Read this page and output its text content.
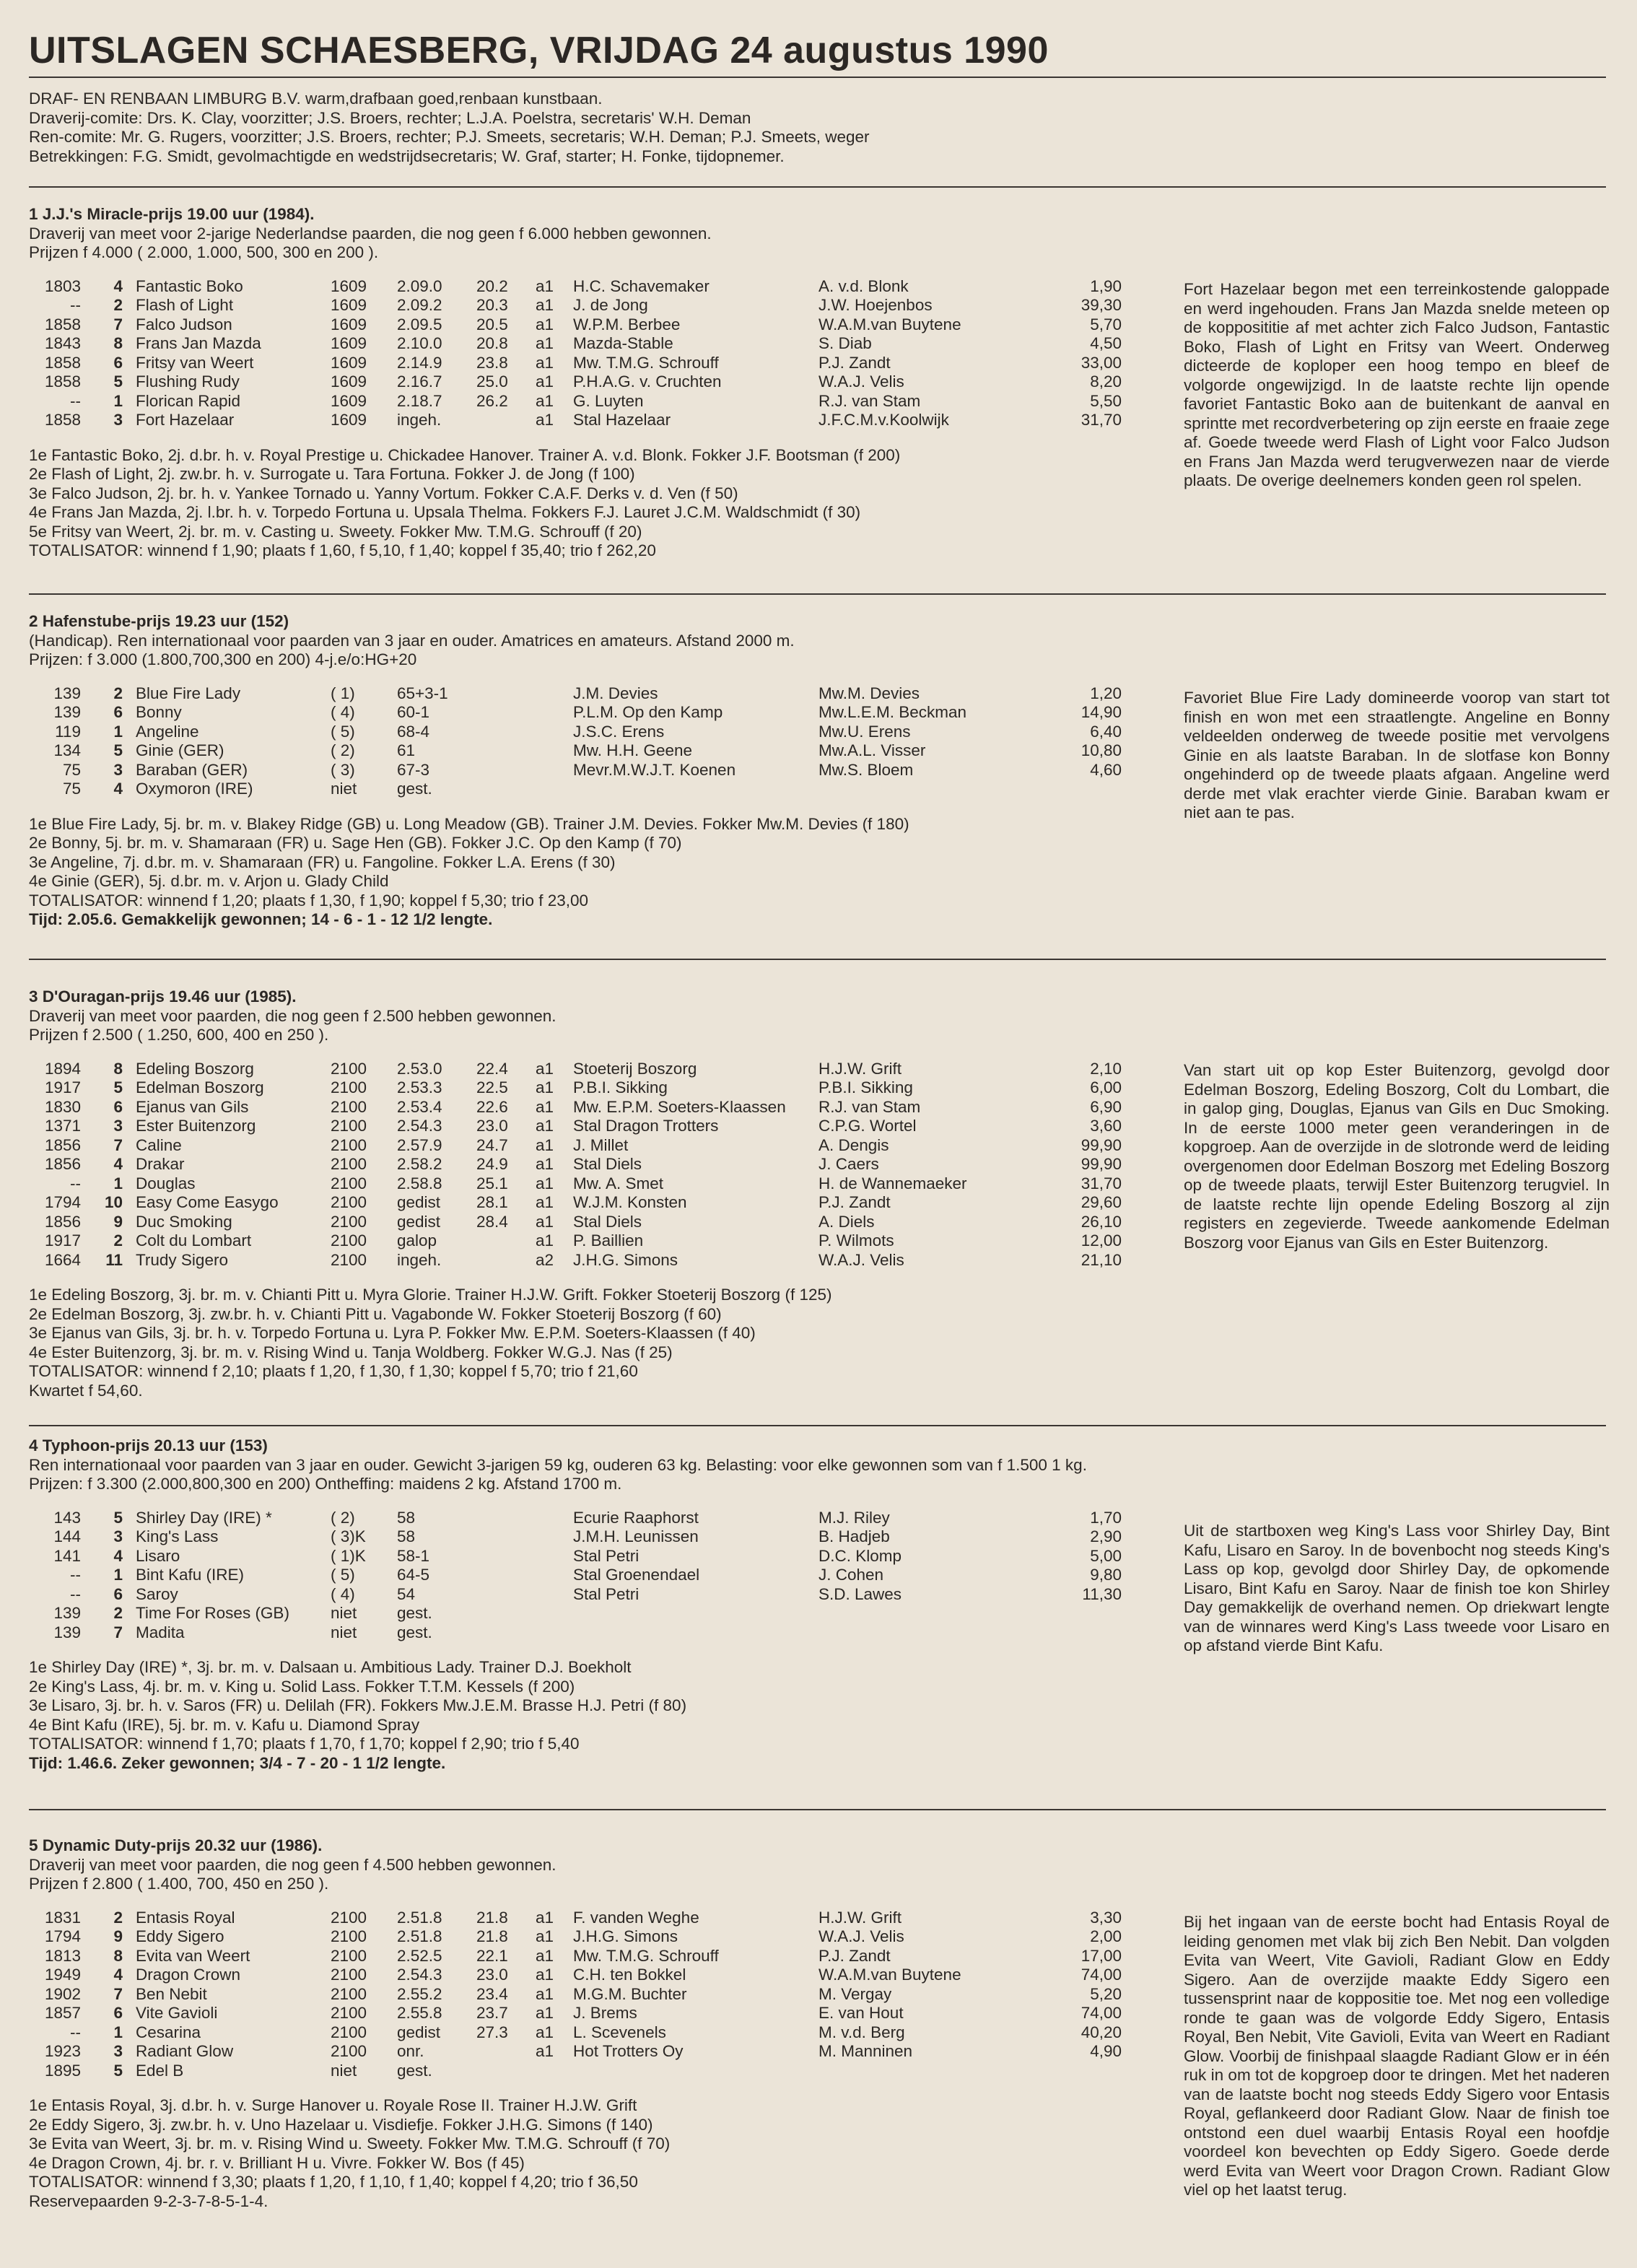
UITSLAGEN SCHAESBERG, VRIJDAG 24 augustus 1990
DRAF- EN RENBAAN LIMBURG B.V. warm,drafbaan goed,renbaan kunstbaan.
Draverij-comite: Drs. K. Clay, voorzitter; J.S. Broers, rechter; L.J.A. Poelstra, secretaris' W.H. Deman
Ren-comite: Mr. G. Rugers, voorzitter; J.S. Broers, rechter; P.J. Smeets, secretaris; W.H. Deman; P.J. Smeets, weger
Betrekkingen: F.G. Smidt, gevolmachtigde en wedstrijdsecretaris; W. Graf, starter; H. Fonke, tijdopnemer.
1 J.J.'s Miracle-prijs 19.00 uur (1984).
Draverij van meet voor 2-jarige Nederlandse paarden, die nog geen f 6.000 hebben gewonnen.
Prijzen f 4.000 ( 2.000, 1.000, 500, 300 en 200 ).
1803	4	Fantastic Boko	1609	2.09.0	20.2	a1	H.C. Schavemaker	A. v.d. Blonk	1,90
--	2	Flash of Light	1609	2.09.2	20.3	a1	J. de Jong	J.W. Hoejenbos	39,30
1858	7	Falco Judson	1609	2.09.5	20.5	a1	W.P.M. Berbee	W.A.M.van Buytene	5,70
1843	8	Frans Jan Mazda	1609	2.10.0	20.8	a1	Mazda-Stable	S. Diab	4,50
1858	6	Fritsy van Weert	1609	2.14.9	23.8	a1	Mw. T.M.G. Schrouff	P.J. Zandt	33,00
1858	5	Flushing Rudy	1609	2.16.7	25.0	a1	P.H.A.G. v. Cruchten	W.A.J. Velis	8,20
--	1	Florican Rapid	1609	2.18.7	26.2	a1	G. Luyten	R.J. van Stam	5,50
1858	3	Fort Hazelaar	1609	ingeh.		a1	Stal Hazelaar	J.F.C.M.v.Koolwijk	31,70
1e Fantastic Boko, 2j. d.br. h. v. Royal Prestige u. Chickadee Hanover. Trainer A. v.d. Blonk. Fokker J.F. Bootsman (f 200)
2e Flash of Light, 2j. zw.br. h. v. Surrogate u. Tara Fortuna. Fokker J. de Jong (f 100)
3e Falco Judson, 2j. br. h. v. Yankee Tornado u. Yanny Vortum. Fokker C.A.F. Derks v. d. Ven (f 50)
4e Frans Jan Mazda, 2j. l.br. h. v. Torpedo Fortuna u. Upsala Thelma. Fokkers F.J. Lauret J.C.M. Waldschmidt (f 30)
5e Fritsy van Weert, 2j. br. m. v. Casting u. Sweety. Fokker Mw. T.M.G. Schrouff (f 20)
TOTALISATOR: winnend f 1,90; plaats f 1,60, f 5,10, f 1,40; koppel f 35,40; trio f 262,20
Fort Hazelaar begon met een terreinkostende galoppade en werd ingehouden. Frans Jan Mazda snelde meteen op de kopposititie af met achter zich Falco Judson, Fantastic Boko, Flash of Light en Fritsy van Weert. Onderweg dicteerde de koploper een hoog tempo en bleef de volgorde ongewijzigd. In de laatste rechte lijn opende favoriet Fantastic Boko aan de buitenkant de aanval en sprintte met recordverbetering op zijn eerste en fraaie zege af. Goede tweede werd Flash of Light voor Falco Judson en Frans Jan Mazda werd terugverwezen naar de vierde plaats. De overige deelnemers konden geen rol spelen.
2 Hafenstube-prijs 19.23 uur (152)
(Handicap). Ren internationaal voor paarden van 3 jaar en ouder. Amatrices en amateurs. Afstand 2000 m.
Prijzen: f 3.000 (1.800,700,300 en 200) 4-j.e/o:HG+20
139	2	Blue Fire Lady	( 1)	65+3-1			J.M. Devies	Mw.M. Devies	1,20
139	6	Bonny	( 4)	60-1			P.L.M. Op den Kamp	Mw.L.E.M. Beckman	14,90
119	1	Angeline	( 5)	68-4			J.S.C. Erens	Mw.U. Erens	6,40
134	5	Ginie (GER)	( 2)	61			Mw. H.H. Geene	Mw.A.L. Visser	10,80
75	3	Baraban (GER)	( 3)	67-3			Mevr.M.W.J.T. Koenen	Mw.S. Bloem	4,60
75	4	Oxymoron (IRE)	niet	gest.					
1e Blue Fire Lady, 5j. br. m. v. Blakey Ridge (GB) u. Long Meadow (GB). Trainer J.M. Devies. Fokker Mw.M. Devies (f 180)
2e Bonny, 5j. br. m. v. Shamaraan (FR) u. Sage Hen (GB). Fokker J.C. Op den Kamp (f 70)
3e Angeline, 7j. d.br. m. v. Shamaraan (FR) u. Fangoline. Fokker L.A. Erens (f 30)
4e Ginie (GER), 5j. d.br. m. v. Arjon u. Glady Child
TOTALISATOR: winnend f 1,20; plaats f 1,30, f 1,90; koppel f 5,30; trio f 23,00
Tijd: 2.05.6. Gemakkelijk gewonnen; 14 - 6 - 1 - 12 1/2 lengte.
Favoriet Blue Fire Lady domineerde voorop van start tot finish en won met een straatlengte. Angeline en Bonny veldeelden onderweg de tweede positie met vervolgens Ginie en als laatste Baraban. In de slotfase kon Bonny ongehinderd op de tweede plaats afgaan. Angeline werd derde met vlak erachter vierde Ginie. Baraban kwam er niet aan te pas.
3 D'Ouragan-prijs 19.46 uur (1985).
Draverij van meet voor paarden, die nog geen f 2.500 hebben gewonnen.
Prijzen f 2.500 ( 1.250, 600, 400 en 250 ).
1894	8	Edeling Boszorg	2100	2.53.0	22.4	a1	Stoeterij Boszorg	H.J.W. Grift	2,10
1917	5	Edelman Boszorg	2100	2.53.3	22.5	a1	P.B.I. Sikking	P.B.I. Sikking	6,00
1830	6	Ejanus van Gils	2100	2.53.4	22.6	a1	Mw. E.P.M. Soeters-Klaassen	R.J. van Stam	6,90
1371	3	Ester Buitenzorg	2100	2.54.3	23.0	a1	Stal Dragon Trotters	C.P.G. Wortel	3,60
1856	7	Caline	2100	2.57.9	24.7	a1	J. Millet	A. Dengis	99,90
1856	4	Drakar	2100	2.58.2	24.9	a1	Stal Diels	J. Caers	99,90
--	1	Douglas	2100	2.58.8	25.1	a1	Mw. A. Smet	H. de Wannemaeker	31,70
1794	10	Easy Come Easygo	2100	gedist	28.1	a1	W.J.M. Konsten	P.J. Zandt	29,60
1856	9	Duc Smoking	2100	gedist	28.4	a1	Stal Diels	A. Diels	26,10
1917	2	Colt du Lombart	2100	galop		a1	P. Baillien	P. Wilmots	12,00
1664	11	Trudy Sigero	2100	ingeh.		a2	J.H.G. Simons	W.A.J. Velis	21,10
1e Edeling Boszorg, 3j. br. m. v. Chianti Pitt u. Myra Glorie. Trainer H.J.W. Grift. Fokker Stoeterij Boszorg (f 125)
2e Edelman Boszorg, 3j. zw.br. h. v. Chianti Pitt u. Vagabonde W. Fokker Stoeterij Boszorg (f 60)
3e Ejanus van Gils, 3j. br. h. v. Torpedo Fortuna u. Lyra P. Fokker Mw. E.P.M. Soeters-Klaassen (f 40)
4e Ester Buitenzorg, 3j. br. m. v. Rising Wind u. Tanja Woldberg. Fokker W.G.J. Nas (f 25)
TOTALISATOR: winnend f 2,10; plaats f 1,20, f 1,30, f 1,30; koppel f 5,70; trio f 21,60
Kwartet f 54,60.
Van start uit op kop Ester Buitenzorg, gevolgd door Edelman Boszorg, Edeling Boszorg, Colt du Lombart, die in galop ging, Douglas, Ejanus van Gils en Duc Smoking. In de eerste 1000 meter geen veranderingen in de kopgroep. Aan de overzijde in de slotronde werd de leiding overgenomen door Edelman Boszorg met Edeling Boszorg op de tweede plaats, terwijl Ester Buitenzorg terugviel. In de laatste rechte lijn opende Edeling Boszorg al zijn registers en zegevierde. Tweede aankomende Edelman Boszorg voor Ejanus van Gils en Ester Buitenzorg.
4 Typhoon-prijs 20.13 uur (153)
Ren internationaal voor paarden van 3 jaar en ouder. Gewicht 3-jarigen 59 kg, ouderen 63 kg. Belasting: voor elke gewonnen som van f 1.500 1 kg.
Prijzen: f 3.300 (2.000,800,300 en 200) Ontheffing: maidens 2 kg. Afstand 1700 m.
143	5	Shirley Day (IRE) *	( 2)	58			Ecurie Raaphorst	M.J. Riley	1,70
144	3	King's Lass	( 3)K	58			J.M.H. Leunissen	B. Hadjeb	2,90
141	4	Lisaro	( 1)K	58-1			Stal Petri	D.C. Klomp	5,00
--	1	Bint Kafu (IRE)	( 5)	64-5			Stal Groenendael	J. Cohen	9,80
--	6	Saroy	( 4)	54			Stal Petri	S.D. Lawes	11,30
139	2	Time For Roses (GB)	niet	gest.					
139	7	Madita	niet	gest.					
1e Shirley Day (IRE) *, 3j. br. m. v. Dalsaan u. Ambitious Lady. Trainer D.J. Boekholt
2e King's Lass, 4j. br. m. v. King u. Solid Lass. Fokker T.T.M. Kessels (f 200)
3e Lisaro, 3j. br. h. v. Saros (FR) u. Delilah (FR). Fokkers Mw.J.E.M. Brasse H.J. Petri (f 80)
4e Bint Kafu (IRE), 5j. br. m. v. Kafu u. Diamond Spray
TOTALISATOR: winnend f 1,70; plaats f 1,70, f 1,70; koppel f 2,90; trio f 5,40
Tijd: 1.46.6. Zeker gewonnen; 3/4 - 7 - 20 - 1 1/2 lengte.
Uit de startboxen weg King's Lass voor Shirley Day, Bint Kafu, Lisaro en Saroy. In de bovenbocht nog steeds King's Lass op kop, gevolgd door Shirley Day, de opkomende Lisaro, Bint Kafu en Saroy. Naar de finish toe kon Shirley Day gemakkelijk de overhand nemen. Op driekwart lengte van de winnares werd King's Lass tweede voor Lisaro en op afstand vierde Bint Kafu.
5 Dynamic Duty-prijs 20.32 uur (1986).
Draverij van meet voor paarden, die nog geen f 4.500 hebben gewonnen.
Prijzen f 2.800 ( 1.400, 700, 450 en 250 ).
1831	2	Entasis Royal	2100	2.51.8	21.8	a1	F. vanden Weghe	H.J.W. Grift	3,30
1794	9	Eddy Sigero	2100	2.51.8	21.8	a1	J.H.G. Simons	W.A.J. Velis	2,00
1813	8	Evita van Weert	2100	2.52.5	22.1	a1	Mw. T.M.G. Schrouff	P.J. Zandt	17,00
1949	4	Dragon Crown	2100	2.54.3	23.0	a1	C.H. ten Bokkel	W.A.M.van Buytene	74,00
1902	7	Ben Nebit	2100	2.55.2	23.4	a1	M.G.M. Buchter	M. Vergay	5,20
1857	6	Vite Gavioli	2100	2.55.8	23.7	a1	J. Brems	E. van Hout	74,00
--	1	Cesarina	2100	gedist	27.3	a1	L. Scevenels	M. v.d. Berg	40,20
1923	3	Radiant Glow	2100	onr.		a1	Hot Trotters Oy	M. Manninen	4,90
1895	5	Edel B	niet	gest.					
1e Entasis Royal, 3j. d.br. h. v. Surge Hanover u. Royale Rose II. Trainer H.J.W. Grift
2e Eddy Sigero, 3j. zw.br. h. v. Uno Hazelaar u. Visdiefje. Fokker J.H.G. Simons (f 140)
3e Evita van Weert, 3j. br. m. v. Rising Wind u. Sweety. Fokker Mw. T.M.G. Schrouff (f 70)
4e Dragon Crown, 4j. br. r. v. Brilliant H u. Vivre. Fokker W. Bos (f 45)
TOTALISATOR: winnend f 3,30; plaats f 1,20, f 1,10, f 1,40; koppel f 4,20; trio f 36,50
Reservepaarden 9-2-3-7-8-5-1-4.
Bij het ingaan van de eerste bocht had Entasis Royal de leiding genomen met vlak bij zich Ben Nebit. Dan volgden Evita van Weert, Vite Gavioli, Radiant Glow en Eddy Sigero. Aan de overzijde maakte Eddy Sigero een tussensprint naar de koppositie toe. Met nog een volledige ronde te gaan was de volgorde Eddy Sigero, Entasis Royal, Ben Nebit, Vite Gavioli, Evita van Weert en Radiant Glow. Voorbij de finishpaal slaagde Radiant Glow er in één ruk in om tot de kopgroep door te dringen. Met het naderen van de laatste bocht nog steeds Eddy Sigero voor Entasis Royal, geflankeerd door Radiant Glow. Naar de finish toe ontstond een duel waarbij Entasis Royal een hoofdje voordeel kon bevechten op Eddy Sigero. Goede derde werd Evita van Weert voor Dragon Crown. Radiant Glow viel op het laatst terug.
